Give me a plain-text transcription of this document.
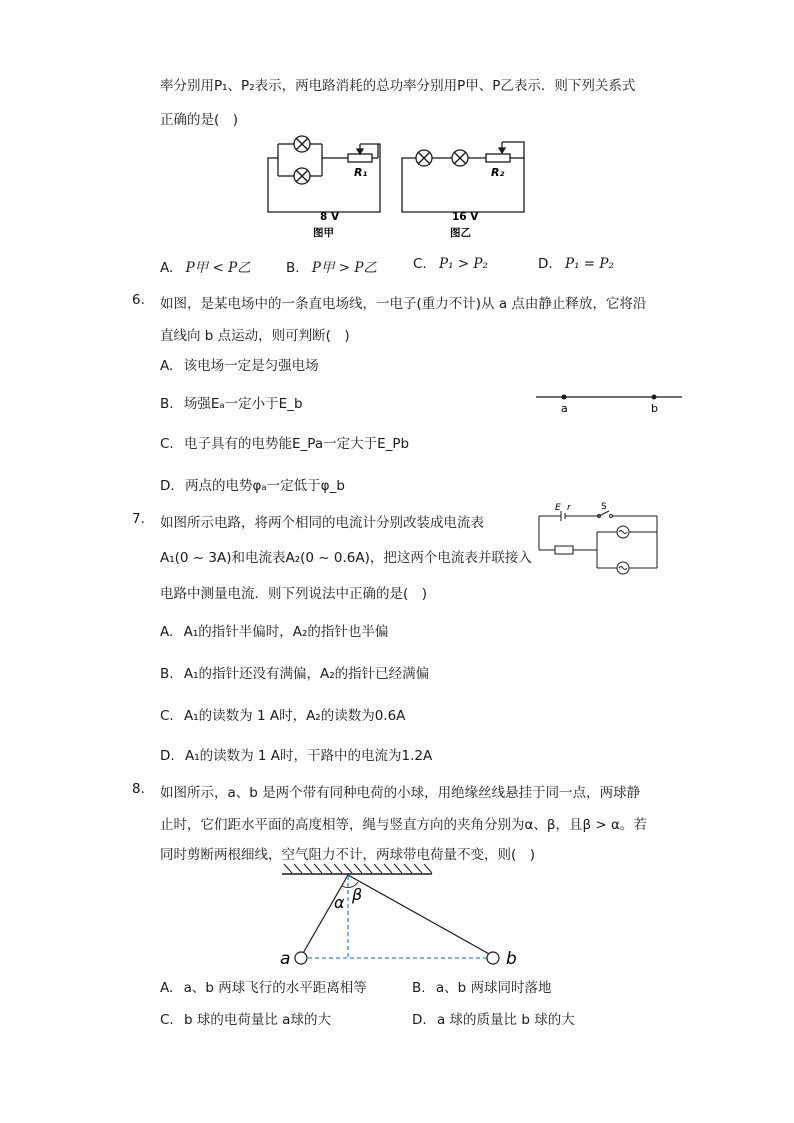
率分别用P₁、P₂表示，两电路消耗的总功率分别用P甲、P乙表示．则下列关系式
正确的是(　)
R₁
8 V
图甲
R₂
16 V
图乙
A. P甲 < P乙	B. P甲 > P乙	C. P₁ > P₂	D. P₁ = P₂
6. 如图，是某电场中的一条直电场线，一电子(重力不计)从 a 点由静止释放，它将沿
直线向 b 点运动，则可判断(　)
A. 该电场一定是匀强电场
B. 场强Eₐ一定小于E_b
C. 电子具有的电势能E_Pa一定大于E_Pb
D. 两点的电势φₐ一定低于φ_b
a	b
7. 如图所示电路，将两个相同的电流计分别改装成电流表
A₁(0 ~ 3A)和电流表A₂(0 ~ 0.6A)，把这两个电流表并联接入
电路中测量电流．则下列说法中正确的是(　)
E r	S
A. A₁的指针半偏时，A₂的指针也半偏
B. A₁的指针还没有满偏，A₂的指针已经满偏
C. A₁的读数为 1 A时，A₂的读数为0.6A
D. A₁的读数为 1 A时，干路中的电流为1.2A
8. 如图所示，a、b 是两个带有同种电荷的小球，用绝缘丝线悬挂于同一点，两球静
止时，它们距水平面的高度相等，绳与竖直方向的夹角分别为α、β，且β > α。若
同时剪断两根细线，空气阻力不计，两球带电荷量不变，则(　)
α β
a	b
A. a、b 两球飞行的水平距离相等	B. a、b 两球同时落地
C. b 球的电荷量比 a球的大	D. a 球的质量比 b 球的大
